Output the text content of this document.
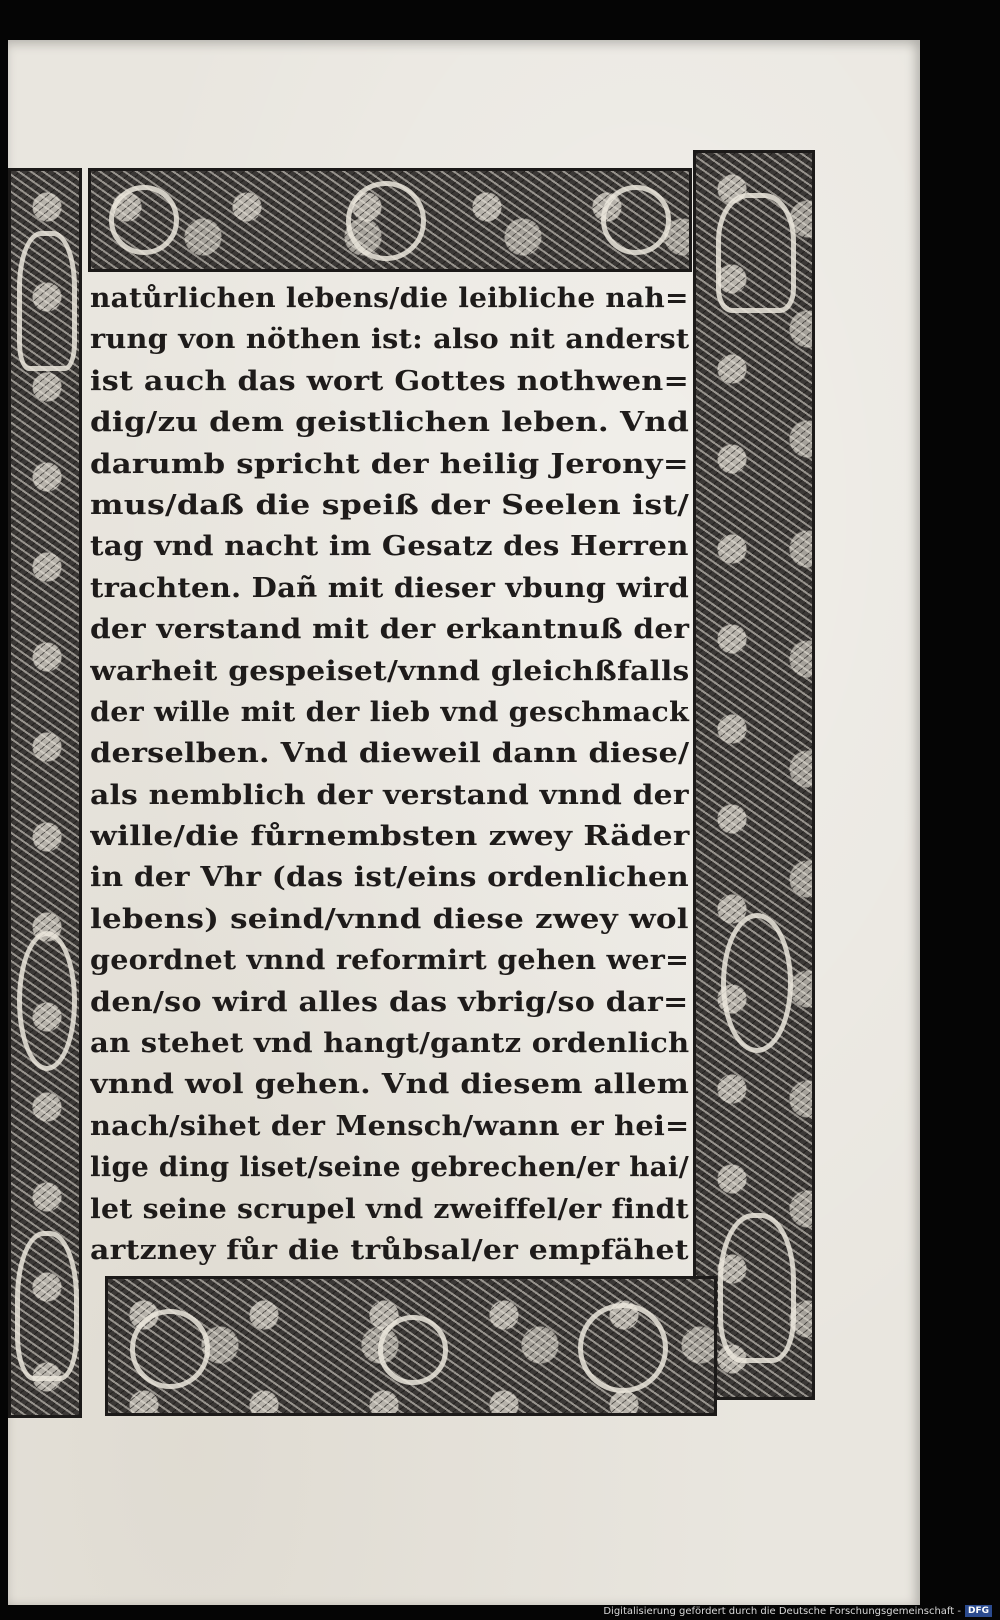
natůrlichen lebens/die leibliche nah=
rung von nöthen ist: also nit anderst
ist auch das wort Gottes nothwen=
dig/zu dem geistlichen leben. Vnd
darumb spricht der heilig Jerony=
mus/daß die speiß der Seelen ist/
tag vnd nacht im Gesatz des Herren
trachten. Dañ mit dieser vbung wird
der verstand mit der erkantnuß der
warheit gespeiset/vnnd gleichßfalls
der wille mit der lieb vnd geschmack
derselben. Vnd dieweil dann diese/
als nemblich der verstand vnnd der
wille/die fůrnembsten zwey Räder
in der Vhr (das ist/eins ordenlichen
lebens) seind/vnnd diese zwey wol
geordnet vnnd reformirt gehen wer=
den/so wird alles das vbrig/so dar=
an stehet vnd hangt/gantz ordenlich
vnnd wol gehen. Vnd diesem allem
nach/sihet der Mensch/wann er hei=
lige ding liset/seine gebrechen/er hai/
let seine scrupel vnd zweiffel/er findt
artzney fůr die trůbsal/er empfähet
Digitalisierung gefördert durch die Deutsche Forschungsgemeinschaft - DFG
